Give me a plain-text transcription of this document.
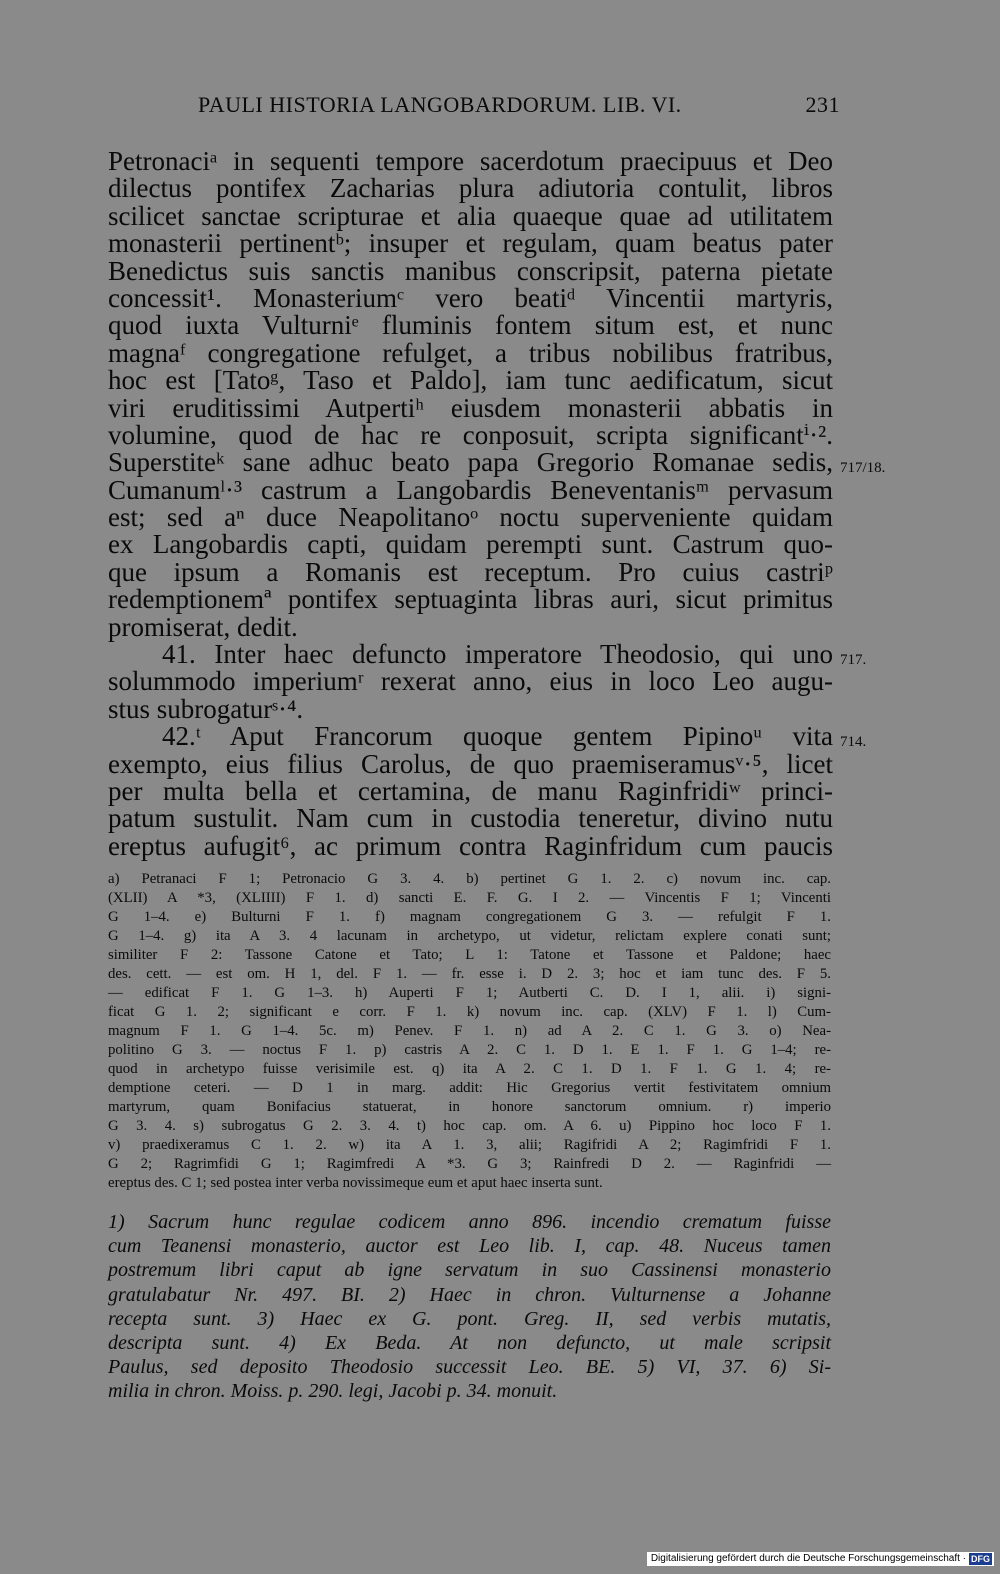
PAULI HISTORIA LANGOBARDORUM. LIB. VI.	231
Petronaciᵃ in sequenti tempore sacerdotum praecipuus et Deo
dilectus pontifex Zacharias plura adiutoria contulit, libros
scilicet sanctae scripturae et alia quaeque quae ad utilitatem
monasterii pertinentᵇ; insuper et regulam, quam beatus pater
Benedictus suis sanctis manibus conscripsit, paterna pietate
concessit¹. Monasteriumᶜ vero beatiᵈ Vincentii martyris,
quod iuxta Vulturniᵉ fluminis fontem situm est, et nunc
magnaᶠ congregatione refulget, a tribus nobilibus fratribus,
hoc est [Tatoᵍ, Taso et Paldo], iam tunc aedificatum, sicut
viri eruditissimi Autpertiʰ eiusdem monasterii abbatis in
volumine, quod de hac re conposuit, scripta significantⁱ·².
Superstiteᵏ sane adhuc beato papa Gregorio Romanae sedis, 717/18.
Cumanumˡ·³ castrum a Langobardis Beneventanisᵐ pervasum
est; sed aⁿ duce Neapolitanoᵒ noctu superveniente quidam
ex Langobardis capti, quidam perempti sunt. Castrum quo-
que ipsum a Romanis est receptum. Pro cuius castriᵖ
redemptionemª pontifex septuaginta libras auri, sicut primitus
promiserat, dedit.
41. Inter haec defuncto imperatore Theodosio, qui uno 717.
solummodo imperiumʳ rexerat anno, eius in loco Leo augu-
stus subrogaturˢ·⁴.
42.ᵗ Aput Francorum quoque gentem Pipinoᵘ vita 714.
exempto, eius filius Carolus, de quo praemiseramusᵛ·⁵, licet
per multa bella et certamina, de manu Raginfridiʷ princi-
patum sustulit. Nam cum in custodia teneretur, divino nutu
ereptus aufugit⁶, ac primum contra Raginfridum cum paucis
a) Petranaci F 1; Petronacio G 3. 4. b) pertinet G 1. 2. c) novum inc. cap.
(XLII) A *3, (XLIIII) F 1. d) sancti E. F. G. I 2. — Vincentis F 1; Vincenti
G 1–4. e) Bulturni F 1. f) magnam congregationem G 3. — refulgit F 1.
G 1–4. g) ita A 3. 4 lacunam in archetypo, ut videtur, relictam explere conati sunt;
similiter F 2: Tassone Catone et Tato; L 1: Tatone et Tassone et Paldone; haec
des. cett. — est om. H 1, del. F 1. — fr. esse i. D 2. 3; hoc et iam tunc des. F 5.
— edificat F 1. G 1–3. h) Auperti F 1; Autberti C. D. I 1, alii. i) signi-
ficat G 1. 2; significant e corr. F 1. k) novum inc. cap. (XLV) F 1. l) Cum-
magnum F 1. G 1–4. 5c. m) Penev. F 1. n) ad A 2. C 1. G 3. o) Nea-
politino G 3. — noctus F 1. p) castris A 2. C 1. D 1. E 1. F 1. G 1–4; re-
quod in archetypo fuisse verisimile est. q) ita A 2. C 1. D 1. F 1. G 1. 4; re-
demptione ceteri. — D 1 in marg. addit: Hic Gregorius vertit festivitatem omnium
martyrum, quam Bonifacius statuerat, in honore sanctorum omnium. r) imperio
G 3. 4. s) subrogatus G 2. 3. 4. t) hoc cap. om. A 6. u) Pippino hoc loco F 1.
v) praedixeramus C 1. 2. w) ita A 1. 3, alii; Ragifridi A 2; Ragimfridi F 1.
G 2; Ragrimfidi G 1; Ragimfredi A *3. G 3; Rainfredi D 2. — Raginfridi —
ereptus des. C 1; sed postea inter verba novissimeque eum et aput haec inserta sunt.
1) Sacrum hunc regulae codicem anno 896. incendio crematum fuisse
cum Teanensi monasterio, auctor est Leo lib. I, cap. 48. Nuceus tamen
postremum libri caput ab igne servatum in suo Cassinensi monasterio
gratulabatur Nr. 497. BI. 2) Haec in chron. Vulturnense a Johanne
recepta sunt. 3) Haec ex G. pont. Greg. II, sed verbis mutatis,
descripta sunt. 4) Ex Beda. At non defuncto, ut male scripsit
Paulus, sed deposito Theodosio successit Leo. BE. 5) VI, 37. 6) Si-
milia in chron. Moiss. p. 290. legi, Jacobi p. 34. monuit.
Digitalisierung gefördert durch die Deutsche Forschungsgemeinschaft · DFG
